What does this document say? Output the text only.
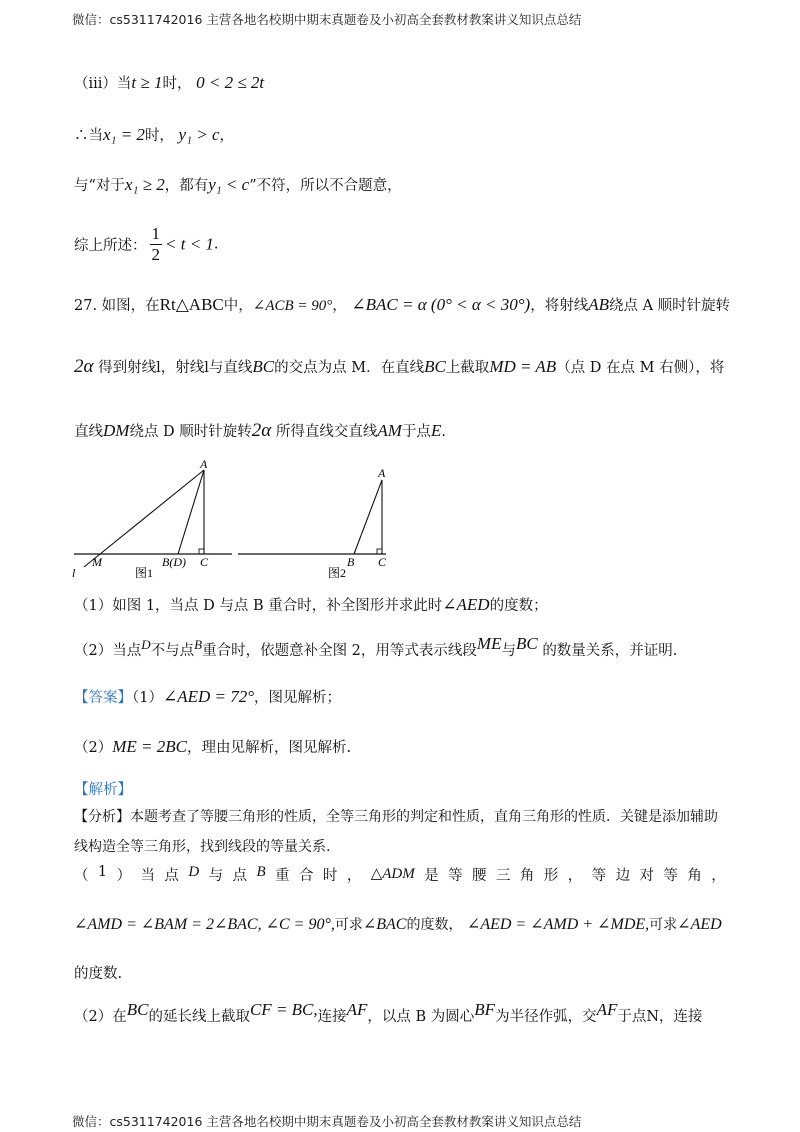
微信：cs5311742016 主营各地名校期中期末真题卷及小初高全套教材教案讲义知识点总结
（iii）当t ≥ 1时， 0 < 2 ≤ 2t
∴当x₁ = 2时， y₁ > c，
与“对于x₁ ≥ 2，都有y₁ < c”不符，所以不合题意，
综上所述： $\frac{1}{2} < t < 1$.
27. 如图，在Rt△ABC中，∠ACB = 90°， ∠BAC = α (0° < α < 30°)，将射线AB绕点 A 顺时针旋转
2α 得到射线l，射线l与直线BC的交点为点 M．在直线BC上截取MD = AB（点 D 在点 M 右侧），将
直线DM绕点 D 顺时针旋转2α 所得直线交直线AM于点E.
A
M	B(D) C
l	图1
A
B C
图2
（1）如图 1，当点 D 与点 B 重合时，补全图形并求此时∠AED的度数；
（2）当点D不与点B重合时，依题意补全图 2，用等式表示线段ME与BC 的数量关系，并证明.
【答案】（1）∠AED = 72°，图见解析；
（2）ME = 2BC，理由见解析，图见解析.
【解析】
【分析】本题考查了等腰三角形的性质，全等三角形的判定和性质，直角三角形的性质．关键是添加辅助
线构造全等三角形，找到线段的等量关系.
（ 1 ） 当 点 D 与 点 B 重 合 时 ， △ADM 是 等 腰 三 角 形 ， 等 边 对 等 角 ，
∠AMD = ∠BAM = 2∠BAC, ∠C = 90°,可求∠BAC的度数， ∠AED = ∠AMD + ∠MDE,可求∠AED
的度数.
（2）在BC的延长线上截取CF = BC,连接AF，以点 B 为圆心BF为半径作弧，交AF于点N，连接
微信：cs5311742016 主营各地名校期中期末真题卷及小初高全套教材教案讲义知识点总结
